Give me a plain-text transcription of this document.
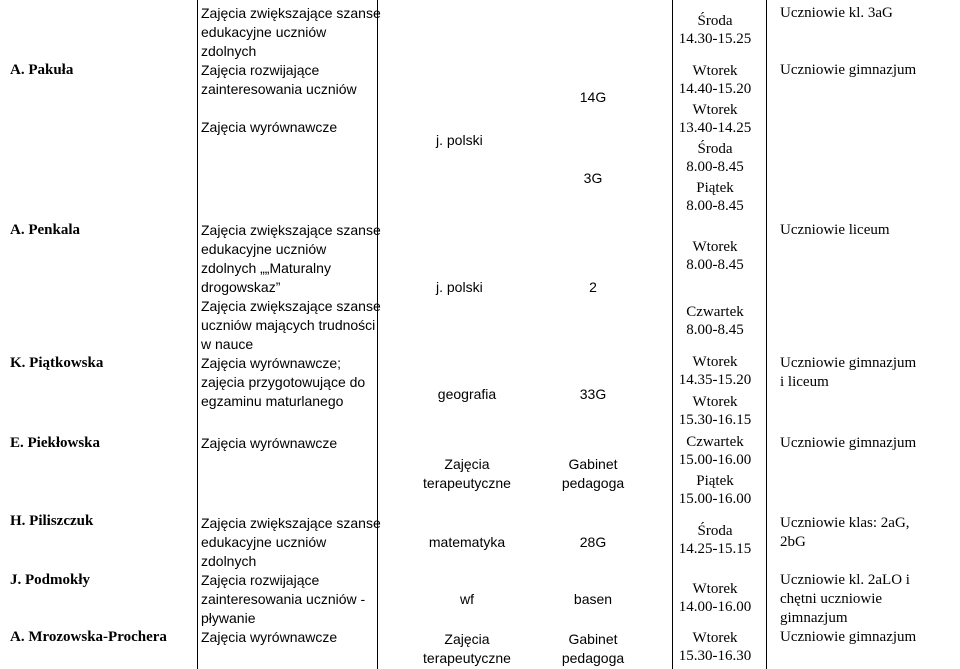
A. Pakuła
A. Penkala
K. Piątkowska
E. Piekłowska
H. Piliszczuk
J. Podmokły
A. Mrozowska-Prochera
Zajęcia zwiększające szanse
edukacyjne uczniów
zdolnych
Zajęcia rozwijające
zainteresowania uczniów
Zajęcia wyrównawcze
Zajęcia zwiększające szanse
edukacyjne uczniów
zdolnych „„Maturalny
drogowskaz”
Zajęcia zwiększające szanse
uczniów mających trudności
w nauce
Zajęcia wyrównawcze;
zajęcia przygotowujące do
egzaminu maturlanego
Zajęcia wyrównawcze
Zajęcia zwiększające szanse
edukacyjne uczniów
zdolnych
Zajęcia rozwijające
zainteresowania uczniów -
pływanie
Zajęcia wyrównawcze
j. polski
j. polski
geografia
Zajęcia
terapeutyczne
matematyka
wf
Zajęcia
terapeutyczne
14G
3G
2
33G
Gabinet
pedagoga
28G
basen
Gabinet
pedagoga
Środa
14.30-15.25
Wtorek
14.40-15.20
Wtorek
13.40-14.25
Środa
8.00-8.45
Piątek
8.00-8.45
Wtorek
8.00-8.45
Czwartek
8.00-8.45
Wtorek
14.35-15.20
Wtorek
15.30-16.15
Czwartek
15.00-16.00
Piątek
15.00-16.00
Środa
14.25-15.15
Wtorek
14.00-16.00
Wtorek
15.30-16.30
Uczniowie kl. 3aG
Uczniowie gimnazjum
Uczniowie liceum
Uczniowie gimnazjum
i liceum
Uczniowie gimnazjum
Uczniowie klas: 2aG,
2bG
Uczniowie kl. 2aLO i
chętni uczniowie
gimnazjum
Uczniowie gimnazjum
